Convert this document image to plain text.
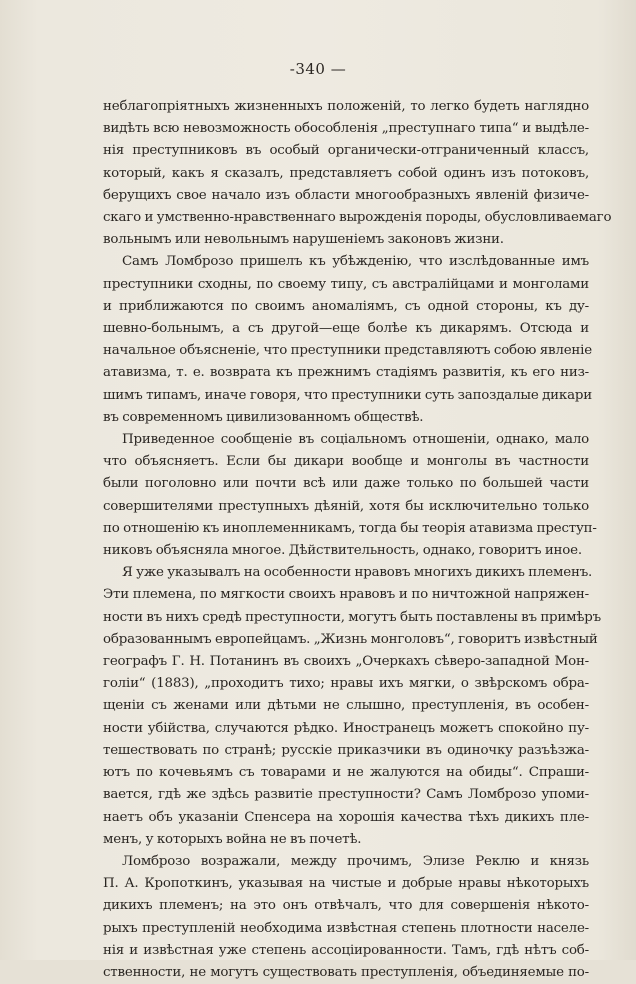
-340 —
неблагопріятныхъ жизненныхъ положеній, то легко будеть наглядно
видѣть всю невозможность обособленія „преступнаго типа“ и выдѣле-
нія преступниковъ въ особый органически-отграниченный классъ,
который, какъ я сказалъ, представляетъ собой одинъ изъ потоковъ,
берущихъ свое начало изъ области многообразныхъ явленій физиче-
скаго и умственно-нравственнаго вырожденія породы, обусловливаемаго
вольнымъ или невольнымъ нарушеніемъ законовъ жизни.
Самъ Ломброзо пришелъ къ убѣжденію, что изслѣдованные имъ
преступники сходны, по своему типу, съ австралійцами и монголами
и приближаются по своимъ аномаліямъ, съ одной стороны, къ ду-
шевно-больнымъ, а съ другой—еще болѣе къ дикарямъ. Отсюда и
начальное объясненіе, что преступники представляютъ собою явленіе
атавизма, т. е. возврата къ прежнимъ стадіямъ развитія, къ его низ-
шимъ типамъ, иначе говоря, что преступники суть запоздалые дикари
въ современномъ цивилизованномъ обществѣ.
Приведенное сообщеніе въ соціальномъ отношеніи, однако, мало
что объясняетъ. Если бы дикари вообще и монголы въ частности
были поголовно или почти всѣ или даже только по большей части
совершителями преступныхъ дѣяній, хотя бы исключительно только
по отношенію къ иноплеменникамъ, тогда бы теорія атавизма преступ-
никовъ объясняла многое. Дѣйствительность, однако, говоритъ иное.
Я уже указывалъ на особенности нравовъ многихъ дикихъ племенъ.
Эти племена, по мягкости своихъ нравовъ и по ничтожной напряжен-
ности въ нихъ средѣ преступности, могутъ быть поставлены въ примѣръ
образованнымъ европейцамъ. „Жизнь монголовъ“, говоритъ извѣстный
географъ Г. Н. Потанинъ въ своихъ „Очеркахъ сѣверо-западной Мон-
голіи“ (1883), „проходитъ тихо; нравы ихъ мягки, о звѣрскомъ обра-
щеніи съ женами или дѣтьми не слышно, преступленія, въ особен-
ности убійства, случаются рѣдко. Иностранецъ можетъ спокойно пу-
тешествовать по странѣ; русскіе приказчики въ одиночку разъѣзжа-
ютъ по кочевьямъ съ товарами и не жалуются на обиды“. Спраши-
вается, гдѣ же здѣсь развитіе преступности? Самъ Ломброзо упоми-
наетъ объ указаніи Спенсера на хорошія качества тѣхъ дикихъ пле-
менъ, у которыхъ война не въ почетѣ.
Ломброзо возражали, между прочимъ, Элизе Реклю и князь
П. А. Кропоткинъ, указывая на чистые и добрые нравы нѣкоторыхъ
дикихъ племенъ; на это онъ отвѣчалъ, что для совершенія нѣкото-
рыхъ преступленій необходима извѣстная степень плотности населе-
нія и извѣстная уже степень ассоціированности. Тамъ, гдѣ нѣтъ соб-
ственности, не могутъ существовать преступленія, объединяемые по-
